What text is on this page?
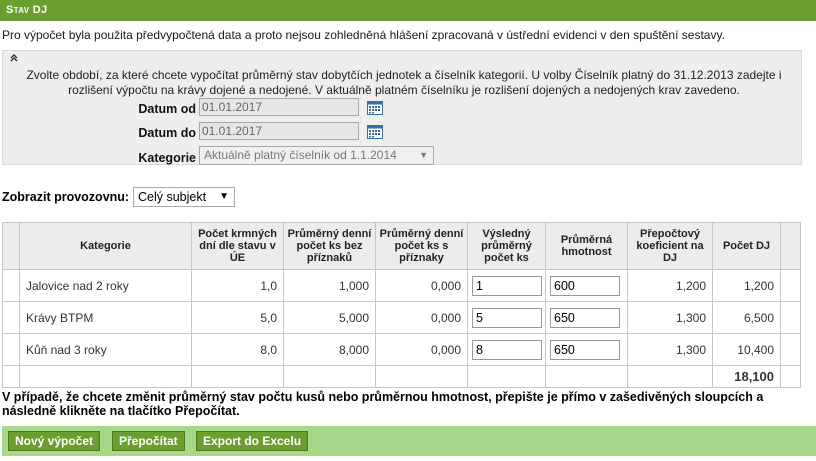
Stav DJ
Pro výpočet byla použita předvypočtená data a proto nejsou zohledněná hlášení zpracovaná v ústřední evidenci v den spuštění sestavy.
Zvolte období, za které chcete vypočítat průměrný stav dobytčích jednotek a číselník kategorií. U volby Číselník platný do 31.12.2013 zadejte i rozlišení výpočtu na krávy dojené a nedojené. V aktuálně platném číselníku je rozlišení dojených a nedojených krav zavedeno.
Datum od 01.01.2017
Datum do 01.01.2017
Kategorie Aktuálně platný číselník od 1.1.2014 ▼
Zobrazit provozovnu: Celý subjekt ▼
	Kategorie	Počet krmných dní dle stavu v ÚE	Průměrný denní počet ks bez příznaků	Průměrný denní počet ks s příznaky	Výsledný průměrný počet ks	Průměrná hmotnost	Přepočtový koeficient na DJ	Počet DJ	
	Jalovice nad 2 roky	1,0	1,000	0,000	1	600	1,200	1,200	
	Krávy BTPM	5,0	5,000	0,000	5	650	1,300	6,500	
	Kůň nad 3 roky	8,0	8,000	0,000	8	650	1,300	10,400	
								18,100	
V případě, že chcete změnit průměrný stav počtu kusů nebo průměrnou hmotnost, přepište je přímo v zašedivěných sloupcích a následně klikněte na tlačítko Přepočítat.
Nový výpočet	Přepočítat	Export do Excelu
